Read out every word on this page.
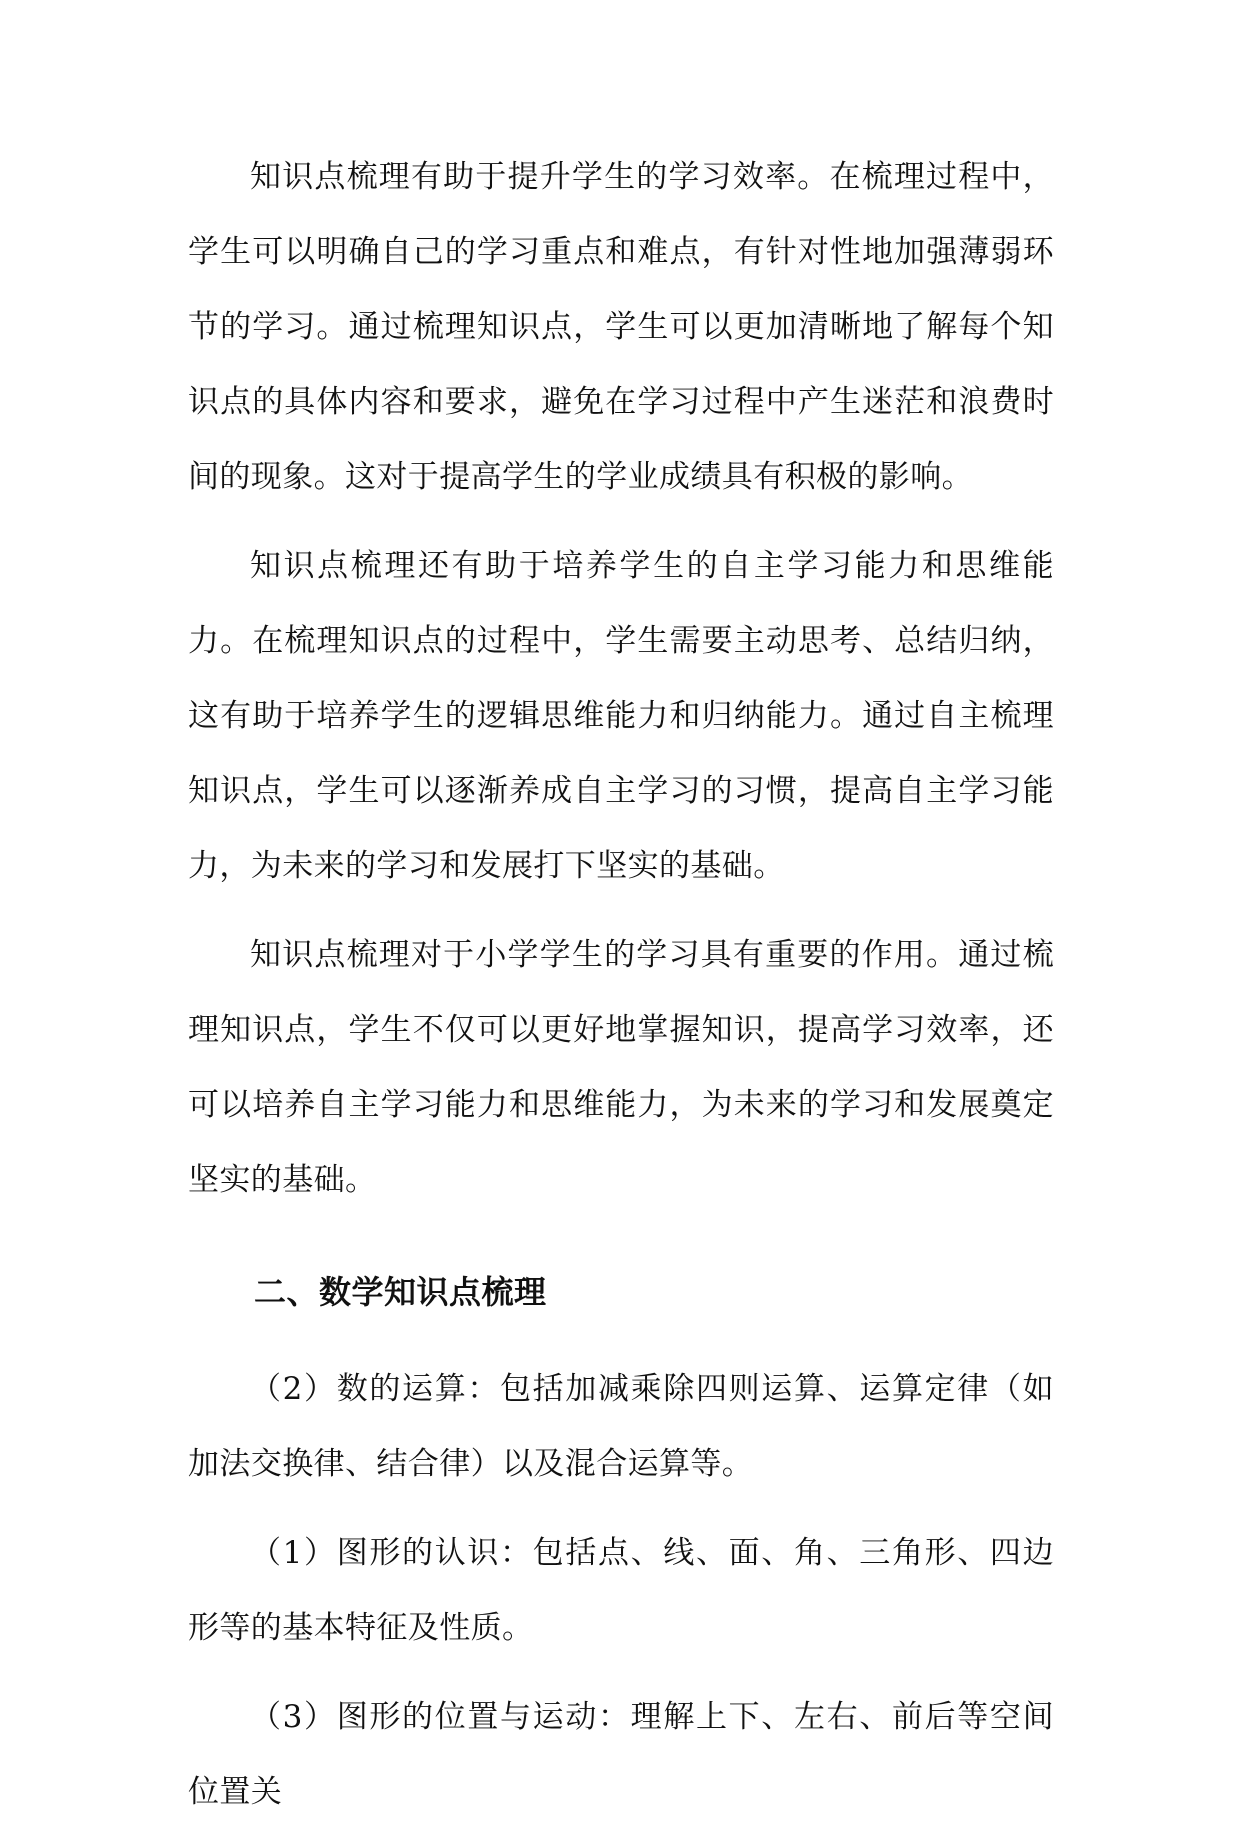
知识点梳理有助于提升学生的学习效率。在梳理过程中，学生可以明确自己的学习重点和难点，有针对性地加强薄弱环节的学习。通过梳理知识点，学生可以更加清晰地了解每个知识点的具体内容和要求，避免在学习过程中产生迷茫和浪费时间的现象。这对于提高学生的学业成绩具有积极的影响。

知识点梳理还有助于培养学生的自主学习能力和思维能力。在梳理知识点的过程中，学生需要主动思考、总结归纳，这有助于培养学生的逻辑思维能力和归纳能力。通过自主梳理知识点，学生可以逐渐养成自主学习的习惯，提高自主学习能力，为未来的学习和发展打下坚实的基础。

知识点梳理对于小学学生的学习具有重要的作用。通过梳理知识点，学生不仅可以更好地掌握知识，提高学习效率，还可以培养自主学习能力和思维能力，为未来的学习和发展奠定坚实的基础。

二、数学知识点梳理

（2）数的运算：包括加减乘除四则运算、运算定律（如加法交换律、结合律）以及混合运算等。

（1）图形的认识：包括点、线、面、角、三角形、四边形等的基本特征及性质。

（3）图形的位置与运动：理解上下、左右、前后等空间位置关
